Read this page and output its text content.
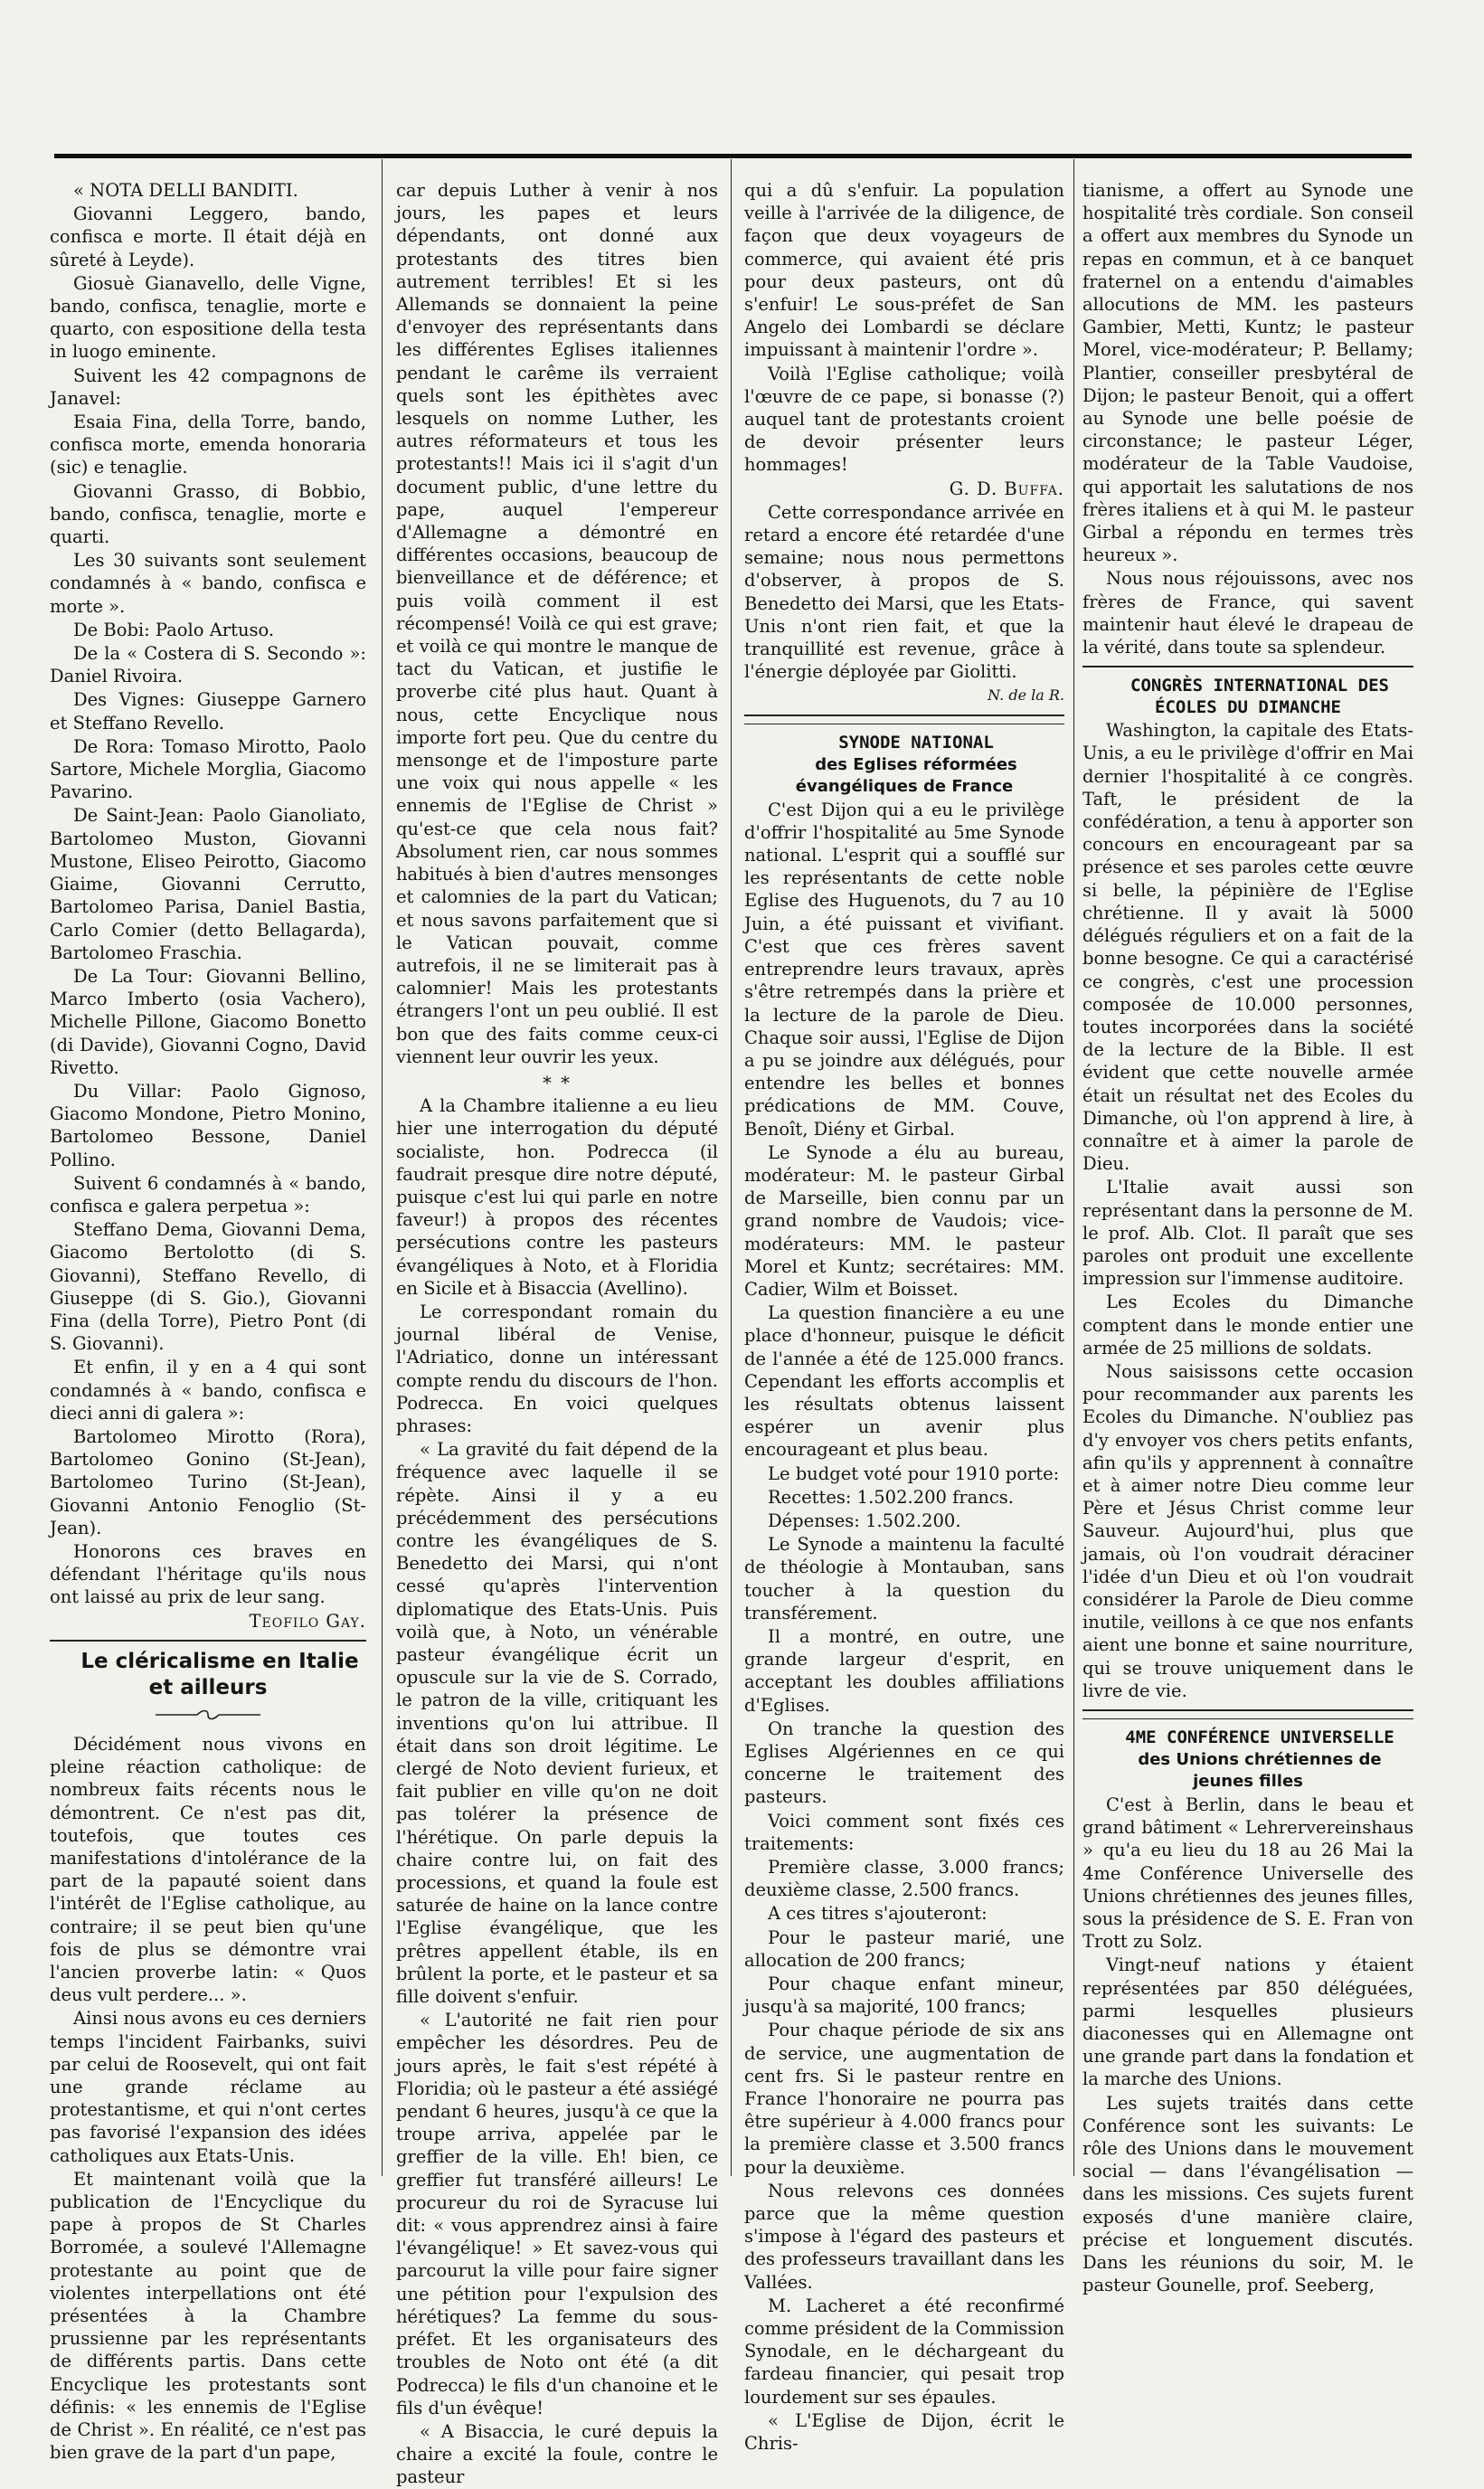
« NOTA DELLI BANDITI.

Giovanni Leggero, bando, confisca e morte. Il était déjà en sûreté à Leyde).

Giosuè Gianavello, delle Vigne, bando, confisca, tenaglie, morte e quarto, con espositione della testa in luogo eminente.

Suivent les 42 compagnons de Janavel:

Esaia Fina, della Torre, bando, confisca morte, emenda honoraria (sic) e tenaglie.

Giovanni Grasso, di Bobbio, bando, confisca, tenaglie, morte e quarti.

Les 30 suivants sont seulement condamnés à « bando, confisca e morte ».

De Bobi: Paolo Artuso.

De la « Costera di S. Secondo »: Daniel Rivoira.

Des Vignes: Giuseppe Garnero et Steffano Revello.

De Rora: Tomaso Mirotto, Paolo Sartore, Michele Morglia, Giacomo Pavarino.

De Saint-Jean: Paolo Gianoliato, Bartolomeo Muston, Giovanni Mustone, Eliseo Peirotto, Giacomo Giaime, Giovanni Cerrutto, Bartolomeo Parisa, Daniel Bastia, Carlo Comier (detto Bellagarda), Bartolomeo Fraschia.

De La Tour: Giovanni Bellino, Marco Imberto (osia Vachero), Michelle Pillone, Giacomo Bonetto (di Davide), Giovanni Cogno, David Rivetto.

Du Villar: Paolo Gignoso, Giacomo Mondone, Pietro Monino, Bartolomeo Bessone, Daniel Pollino.

Suivent 6 condamnés à « bando, confisca e galera perpetua »:

Steffano Dema, Giovanni Dema, Giacomo Bertolotto (di S. Giovanni), Steffano Revello, di Giuseppe (di S. Gio.), Giovanni Fina (della Torre), Pietro Pont (di S. Giovanni).

Et enfin, il y en a 4 qui sont condamnés à « bando, confisca e dieci anni di galera »:

Bartolomeo Mirotto (Rora), Bartolomeo Gonino (St-Jean), Bartolomeo Turino (St-Jean), Giovanni Antonio Fenoglio (St-Jean).

Honorons ces braves en défendant l'héritage qu'ils nous ont laissé au prix de leur sang.

Teofilo Gay.

Le cléricalisme en Italie et ailleurs

Décidément nous vivons en pleine réaction catholique: de nombreux faits récents nous le démontrent. Ce n'est pas dit, toutefois, que toutes ces manifestations d'intolérance de la part de la papauté soient dans l'intérêt de l'Eglise catholique, au contraire; il se peut bien qu'une fois de plus se démontre vrai l'ancien proverbe latin: « Quos deus vult perdere... ».

Ainsi nous avons eu ces derniers temps l'incident Fairbanks, suivi par celui de Roosevelt, qui ont fait une grande réclame au protestantisme, et qui n'ont certes pas favorisé l'expansion des idées catholiques aux Etats-Unis.

Et maintenant voilà que la publication de l'Encyclique du pape à propos de St Charles Borromée, a soulevé l'Allemagne protestante au point que de violentes interpellations ont été présentées à la Chambre prussienne par les représentants de différents partis. Dans cette Encyclique les protestants sont définis: « les ennemis de l'Eglise de Christ ». En réalité, ce n'est pas bien grave de la part d'un pape,

car depuis Luther à venir à nos jours, les papes et leurs dépendants, ont donné aux protestants des titres bien autrement terribles! Et si les Allemands se donnaient la peine d'envoyer des représentants dans les différentes Eglises italiennes pendant le carême ils verraient quels sont les épithètes avec lesquels on nomme Luther, les autres réformateurs et tous les protestants!! Mais ici il s'agit d'un document public, d'une lettre du pape, auquel l'empereur d'Allemagne a démontré en différentes occasions, beaucoup de bienveillance et de déférence; et puis voilà comment il est récompensé! Voilà ce qui est grave; et voilà ce qui montre le manque de tact du Vatican, et justifie le proverbe cité plus haut. Quant à nous, cette Encyclique nous importe fort peu. Que du centre du mensonge et de l'imposture parte une voix qui nous appelle « les ennemis de l'Eglise de Christ » qu'est-ce que cela nous fait? Absolument rien, car nous sommes habitués à bien d'autres mensonges et calomnies de la part du Vatican; et nous savons parfaitement que si le Vatican pouvait, comme autrefois, il ne se limiterait pas à calomnier! Mais les protestants étrangers l'ont un peu oublié. Il est bon que des faits comme ceux-ci viennent leur ouvrir les yeux.

* *

A la Chambre italienne a eu lieu hier une interrogation du député socialiste, hon. Podrecca (il faudrait presque dire notre député, puisque c'est lui qui parle en notre faveur!) à propos des récentes persécutions contre les pasteurs évangéliques à Noto, et à Floridia en Sicile et à Bisaccia (Avellino).

Le correspondant romain du journal libéral de Venise, l'Adriatico, donne un intéressant compte rendu du discours de l'hon. Podrecca. En voici quelques phrases:

« La gravité du fait dépend de la fréquence avec laquelle il se répète. Ainsi il y a eu précédemment des persécutions contre les évangéliques de S. Benedetto dei Marsi, qui n'ont cessé qu'après l'intervention diplomatique des Etats-Unis. Puis voilà que, à Noto, un vénérable pasteur évangélique écrit un opuscule sur la vie de S. Corrado, le patron de la ville, critiquant les inventions qu'on lui attribue. Il était dans son droit légitime. Le clergé de Noto devient furieux, et fait publier en ville qu'on ne doit pas tolérer la présence de l'hérétique. On parle depuis la chaire contre lui, on fait des processions, et quand la foule est saturée de haine on la lance contre l'Eglise évangélique, que les prêtres appellent étable, ils en brûlent la porte, et le pasteur et sa fille doivent s'enfuir.

« L'autorité ne fait rien pour empêcher les désordres. Peu de jours après, le fait s'est répété à Floridia; où le pasteur a été assiégé pendant 6 heures, jusqu'à ce que la troupe arriva, appelée par le greffier de la ville. Eh! bien, ce greffier fut transféré ailleurs! Le procureur du roi de Syracuse lui dit: « vous apprendrez ainsi à faire l'évangélique! » Et savez-vous qui parcourut la ville pour faire signer une pétition pour l'expulsion des hérétiques? La femme du sous-préfet. Et les organisateurs des troubles de Noto ont été (a dit Podrecca) le fils d'un chanoine et le fils d'un évêque!

« A Bisaccia, le curé depuis la chaire a excité la foule, contre le pasteur

qui a dû s'enfuir. La population veille à l'arrivée de la diligence, de façon que deux voyageurs de commerce, qui avaient été pris pour deux pasteurs, ont dû s'enfuir! Le sous-préfet de San Angelo dei Lombardi se déclare impuissant à maintenir l'ordre ».

Voilà l'Eglise catholique; voilà l'œuvre de ce pape, si bonasse (?) auquel tant de protestants croient de devoir présenter leurs hommages!

G. D. Buffa.

Cette correspondance arrivée en retard a encore été retardée d'une semaine; nous nous permettons d'observer, à propos de S. Benedetto dei Marsi, que les Etats-Unis n'ont rien fait, et que la tranquillité est revenue, grâce à l'énergie déployée par Giolitti.

N. de la R.

SYNODE NATIONAL

des Eglises réformées évangéliques de France

C'est Dijon qui a eu le privilège d'offrir l'hospitalité au 5me Synode national. L'esprit qui a soufflé sur les représentants de cette noble Eglise des Huguenots, du 7 au 10 Juin, a été puissant et vivifiant. C'est que ces frères savent entreprendre leurs travaux, après s'être retrempés dans la prière et la lecture de la parole de Dieu. Chaque soir aussi, l'Eglise de Dijon a pu se joindre aux délégués, pour entendre les belles et bonnes prédications de MM. Couve, Benoît, Diény et Girbal.

Le Synode a élu au bureau, modérateur: M. le pasteur Girbal de Marseille, bien connu par un grand nombre de Vaudois; vice-modérateurs: MM. le pasteur Morel et Kuntz; secrétaires: MM. Cadier, Wilm et Boisset.

La question financière a eu une place d'honneur, puisque le déficit de l'année a été de 125.000 francs. Cependant les efforts accomplis et les résultats obtenus laissent espérer un avenir plus encourageant et plus beau.

Le budget voté pour 1910 porte:

Recettes: 1.502.200 francs.

Dépenses: 1.502.200.

Le Synode a maintenu la faculté de théologie à Montauban, sans toucher à la question du transférement.

Il a montré, en outre, une grande largeur d'esprit, en acceptant les doubles affiliations d'Eglises.

On tranche la question des Eglises Algériennes en ce qui concerne le traitement des pasteurs.

Voici comment sont fixés ces traitements:

Première classe, 3.000 francs; deuxième classe, 2.500 francs.

A ces titres s'ajouteront:

Pour le pasteur marié, une allocation de 200 francs;

Pour chaque enfant mineur, jusqu'à sa majorité, 100 francs;

Pour chaque période de six ans de service, une augmentation de cent frs. Si le pasteur rentre en France l'honoraire ne pourra pas être supérieur à 4.000 francs pour la première classe et 3.500 francs pour la deuxième.

Nous relevons ces données parce que la même question s'impose à l'égard des pasteurs et des professeurs travaillant dans les Vallées.

M. Lacheret a été reconfirmé comme président de la Commission Synodale, en le déchargeant du fardeau financier, qui pesait trop lourdement sur ses épaules.

« L'Eglise de Dijon, écrit le Chris-

tianisme, a offert au Synode une hospitalité très cordiale. Son conseil a offert aux membres du Synode un repas en commun, et à ce banquet fraternel on a entendu d'aimables allocutions de MM. les pasteurs Gambier, Metti, Kuntz; le pasteur Morel, vice-modérateur; P. Bellamy; Plantier, conseiller presbytéral de Dijon; le pasteur Benoit, qui a offert au Synode une belle poésie de circonstance; le pasteur Léger, modérateur de la Table Vaudoise, qui apportait les salutations de nos frères italiens et à qui M. le pasteur Girbal a répondu en termes très heureux ».

Nous nous réjouissons, avec nos frères de France, qui savent maintenir haut élevé le drapeau de la vérité, dans toute sa splendeur.

CONGRÈS INTERNATIONAL DES ÉCOLES DU DIMANCHE

Washington, la capitale des Etats-Unis, a eu le privilège d'offrir en Mai dernier l'hospitalité à ce congrès. Taft, le président de la confédération, a tenu à apporter son concours en encourageant par sa présence et ses paroles cette œuvre si belle, la pépinière de l'Eglise chrétienne. Il y avait là 5000 délégués réguliers et on a fait de la bonne besogne. Ce qui a caractérisé ce congrès, c'est une procession composée de 10.000 personnes, toutes incorporées dans la société de la lecture de la Bible. Il est évident que cette nouvelle armée était un résultat net des Ecoles du Dimanche, où l'on apprend à lire, à connaître et à aimer la parole de Dieu.

L'Italie avait aussi son représentant dans la personne de M. le prof. Alb. Clot. Il paraît que ses paroles ont produit une excellente impression sur l'immense auditoire.

Les Ecoles du Dimanche comptent dans le monde entier une armée de 25 millions de soldats.

Nous saisissons cette occasion pour recommander aux parents les Ecoles du Dimanche. N'oubliez pas d'y envoyer vos chers petits enfants, afin qu'ils y apprennent à connaître et à aimer notre Dieu comme leur Père et Jésus Christ comme leur Sauveur. Aujourd'hui, plus que jamais, où l'on voudrait déraciner l'idée d'un Dieu et où l'on voudrait considérer la Parole de Dieu comme inutile, veillons à ce que nos enfants aient une bonne et saine nourriture, qui se trouve uniquement dans le livre de vie.

4ME CONFÉRENCE UNIVERSELLE

des Unions chrétiennes de jeunes filles

C'est à Berlin, dans le beau et grand bâtiment « Lehrervereinshaus » qu'a eu lieu du 18 au 26 Mai la 4me Conférence Universelle des Unions chrétiennes des jeunes filles, sous la présidence de S. E. Fran von Trott zu Solz.

Vingt-neuf nations y étaient représentées par 850 déléguées, parmi lesquelles plusieurs diaconesses qui en Allemagne ont une grande part dans la fondation et la marche des Unions.

Les sujets traités dans cette Conférence sont les suivants: Le rôle des Unions dans le mouvement social — dans l'évangélisation — dans les missions. Ces sujets furent exposés d'une manière claire, précise et longuement discutés. Dans les réunions du soir, M. le pasteur Gounelle, prof. Seeberg,
